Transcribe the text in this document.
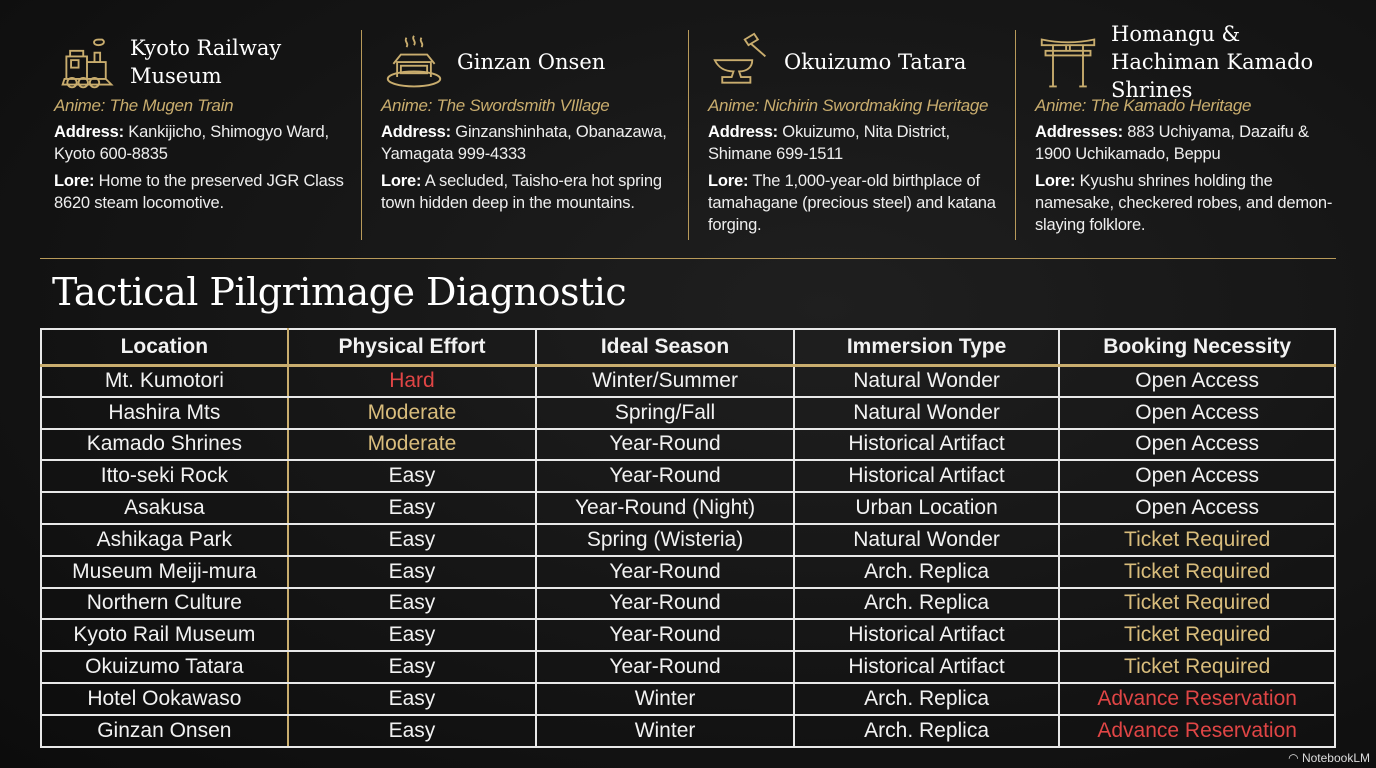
Kyoto Railway Museum
Anime: The Mugen Train
Address: Kankijicho, Shimogyo Ward, Kyoto 600-8835
Lore: Home to the preserved JGR Class 8620 steam locomotive.
Ginzan Onsen
Anime: The Swordsmith VIllage
Address: Ginzanshinhata, Obanazawa, Yamagata 999-4333
Lore: A secluded, Taisho-era hot spring town hidden deep in the mountains.
Okuizumo Tatara
Anime: Nichirin Swordmaking Heritage
Address: Okuizumo, Nita District, Shimane 699-1511
Lore: The 1,000-year-old birthplace of tamahagane (precious steel) and katana forging.
Homangu & Hachiman Kamado Shrines
Anime: The Kamado Heritage
Addresses: 883 Uchiyama, Dazaifu & 1900 Uchikamado, Beppu
Lore: Kyushu shrines holding the namesake, checkered robes, and demon-slaying folklore.
Tactical Pilgrimage Diagnostic
Location	Physical Effort	Ideal Season	Immersion Type	Booking Necessity
Mt. Kumotori	Hard	Winter/Summer	Natural Wonder	Open Access
Hashira Mts	Moderate	Spring/Fall	Natural Wonder	Open Access
Kamado Shrines	Moderate	Year-Round	Historical Artifact	Open Access
Itto-seki Rock	Easy	Year-Round	Historical Artifact	Open Access
Asakusa	Easy	Year-Round (Night)	Urban Location	Open Access
Ashikaga Park	Easy	Spring (Wisteria)	Natural Wonder	Ticket Required
Museum Meiji-mura	Easy	Year-Round	Arch. Replica	Ticket Required
Northern Culture	Easy	Year-Round	Arch. Replica	Ticket Required
Kyoto Rail Museum	Easy	Year-Round	Historical Artifact	Ticket Required
Okuizumo Tatara	Easy	Year-Round	Historical Artifact	Ticket Required
Hotel Ookawaso	Easy	Winter	Arch. Replica	Advance Reservation
Ginzan Onsen	Easy	Winter	Arch. Replica	Advance Reservation
◠ NotebookLM
